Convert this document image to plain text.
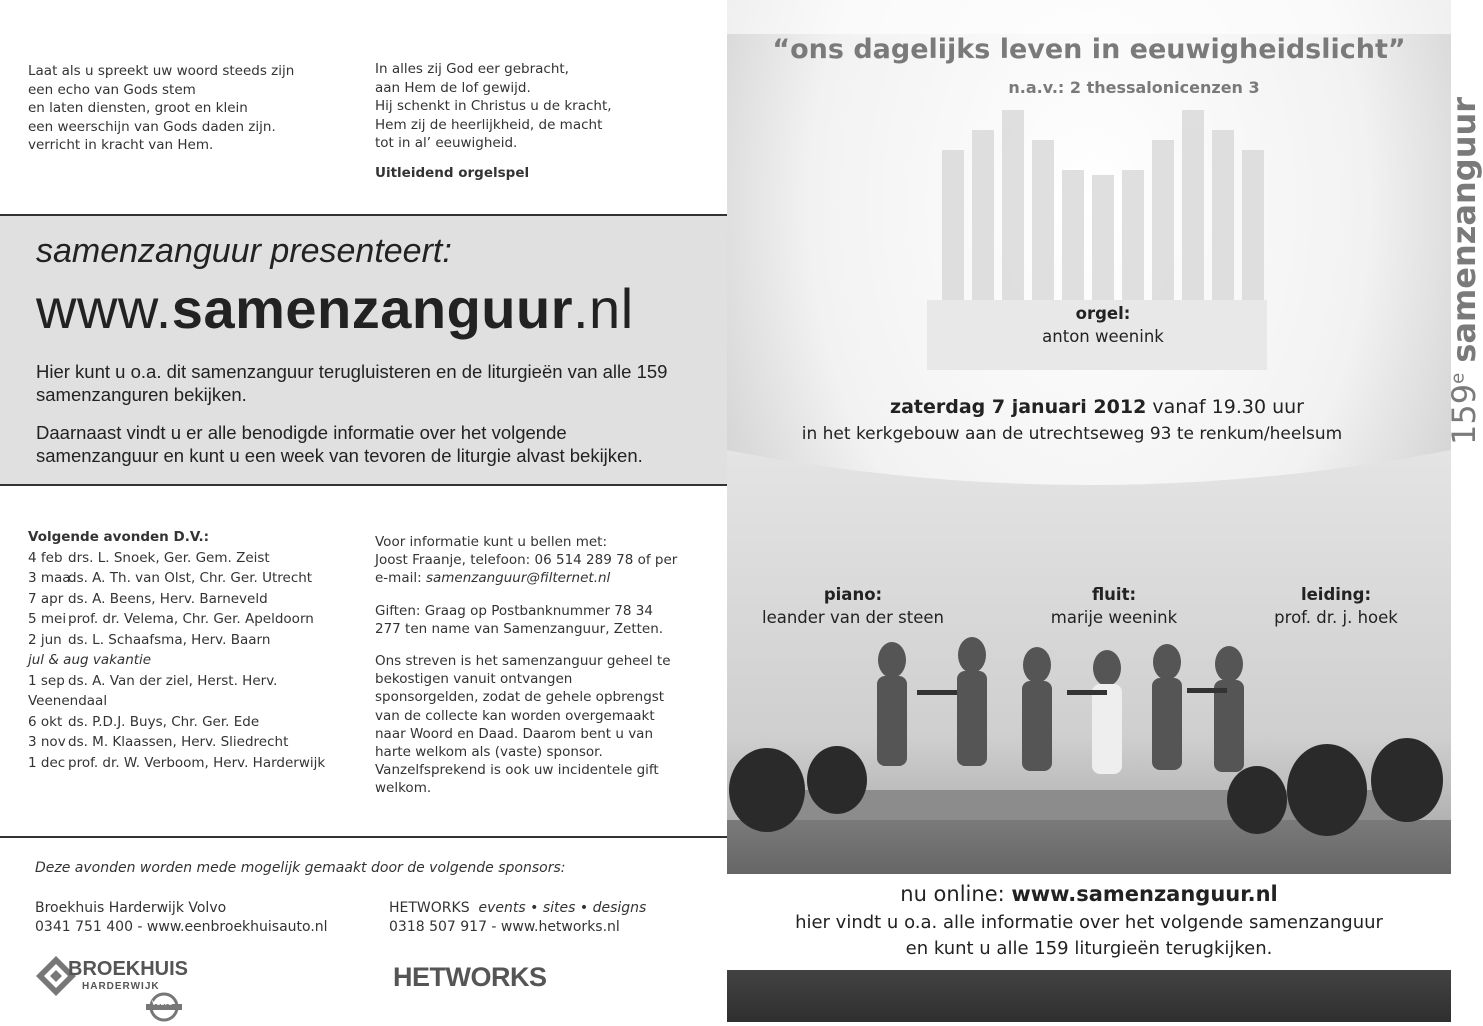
Laat als u spreekt uw woord steeds zijn
een echo van Gods stem
en laten diensten, groot en klein
een weerschijn van Gods daden zijn.
verricht in kracht van Hem.
In alles zij God eer gebracht,
aan Hem de lof gewijd.
Hij schenkt in Christus u de kracht,
Hem zij de heerlijkheid, de macht
tot in al’ eeuwigheid.
Uitleidend orgelspel
samenzanguur presenteert:
www.samenzanguur.nl
Hier kunt u o.a. dit samenzanguur terugluisteren en de liturgieën van alle 159 samenzanguren bekijken.
Daarnaast vindt u er alle benodigde informatie over het volgende samenzanguur en kunt u een week van tevoren de liturgie alvast bekijken.
Volgende avonden D.V.:
4 feb drs. L. Snoek, Ger. Gem. Zeist
3 maa
ds. A. Th. van Olst, Chr. Ger. Utrecht
7 apr ds. A. Beens, Herv. Barneveld
5 mei prof. dr. Velema, Chr. Ger. Apeldoorn
2 jun ds. L. Schaafsma, Herv. Baarn
jul & aug vakantie
1 sep ds. A. Van der ziel, Herst. Herv.
Veenendaal
6 okt ds. P.D.J. Buys, Chr. Ger. Ede
3 nov ds. M. Klaassen, Herv. Sliedrecht
1 dec prof. dr. W. Verboom, Herv. Harderwijk

Voor informatie kunt u bellen met:
Joost Fraanje, telefoon: 06 514 289 78 of per
e-mail: samenzanguur@filternet.nl

Giften: Graag op Postbanknummer 78 34 277 ten name van Samenzanguur, Zetten.

Ons streven is het samenzanguur geheel te bekostigen vanuit ontvangen sponsorgelden, zodat de gehele opbrengst van de collecte kan worden overgemaakt naar Woord en Daad. Daarom bent u van harte welkom als (vaste) sponsor. Vanzelfsprekend is ook uw incidentele gift welkom.

Deze avonden worden mede mogelijk gemaakt door de volgende sponsors:
Broekhuis Harderwijk Volvo
0341 751 400 - www.eenbroekhuisauto.nl
HETWORKS events • sites • designs
0318 507 917 - www.hetworks.nl
BROEKHUIS
HARDERWIJK
VOLVO
HETWORKS
“ons dagelijks leven in eeuwigheidslicht”
n.a.v.: 2 thessalonicenzen 3
159e samenzanguur
orgel:
anton weenink
zaterdag 7 januari 2012 vanaf 19.30 uur
in het kerkgebouw aan de utrechtseweg 93 te renkum/heelsum
piano:
leander van der steen
fluit:
marije weenink
leiding:
prof. dr. j. hoek
nu online: www.samenzanguur.nl
hier vindt u o.a. alle informatie over het volgende samenzanguur
en kunt u alle 159 liturgieën terugkijken.
